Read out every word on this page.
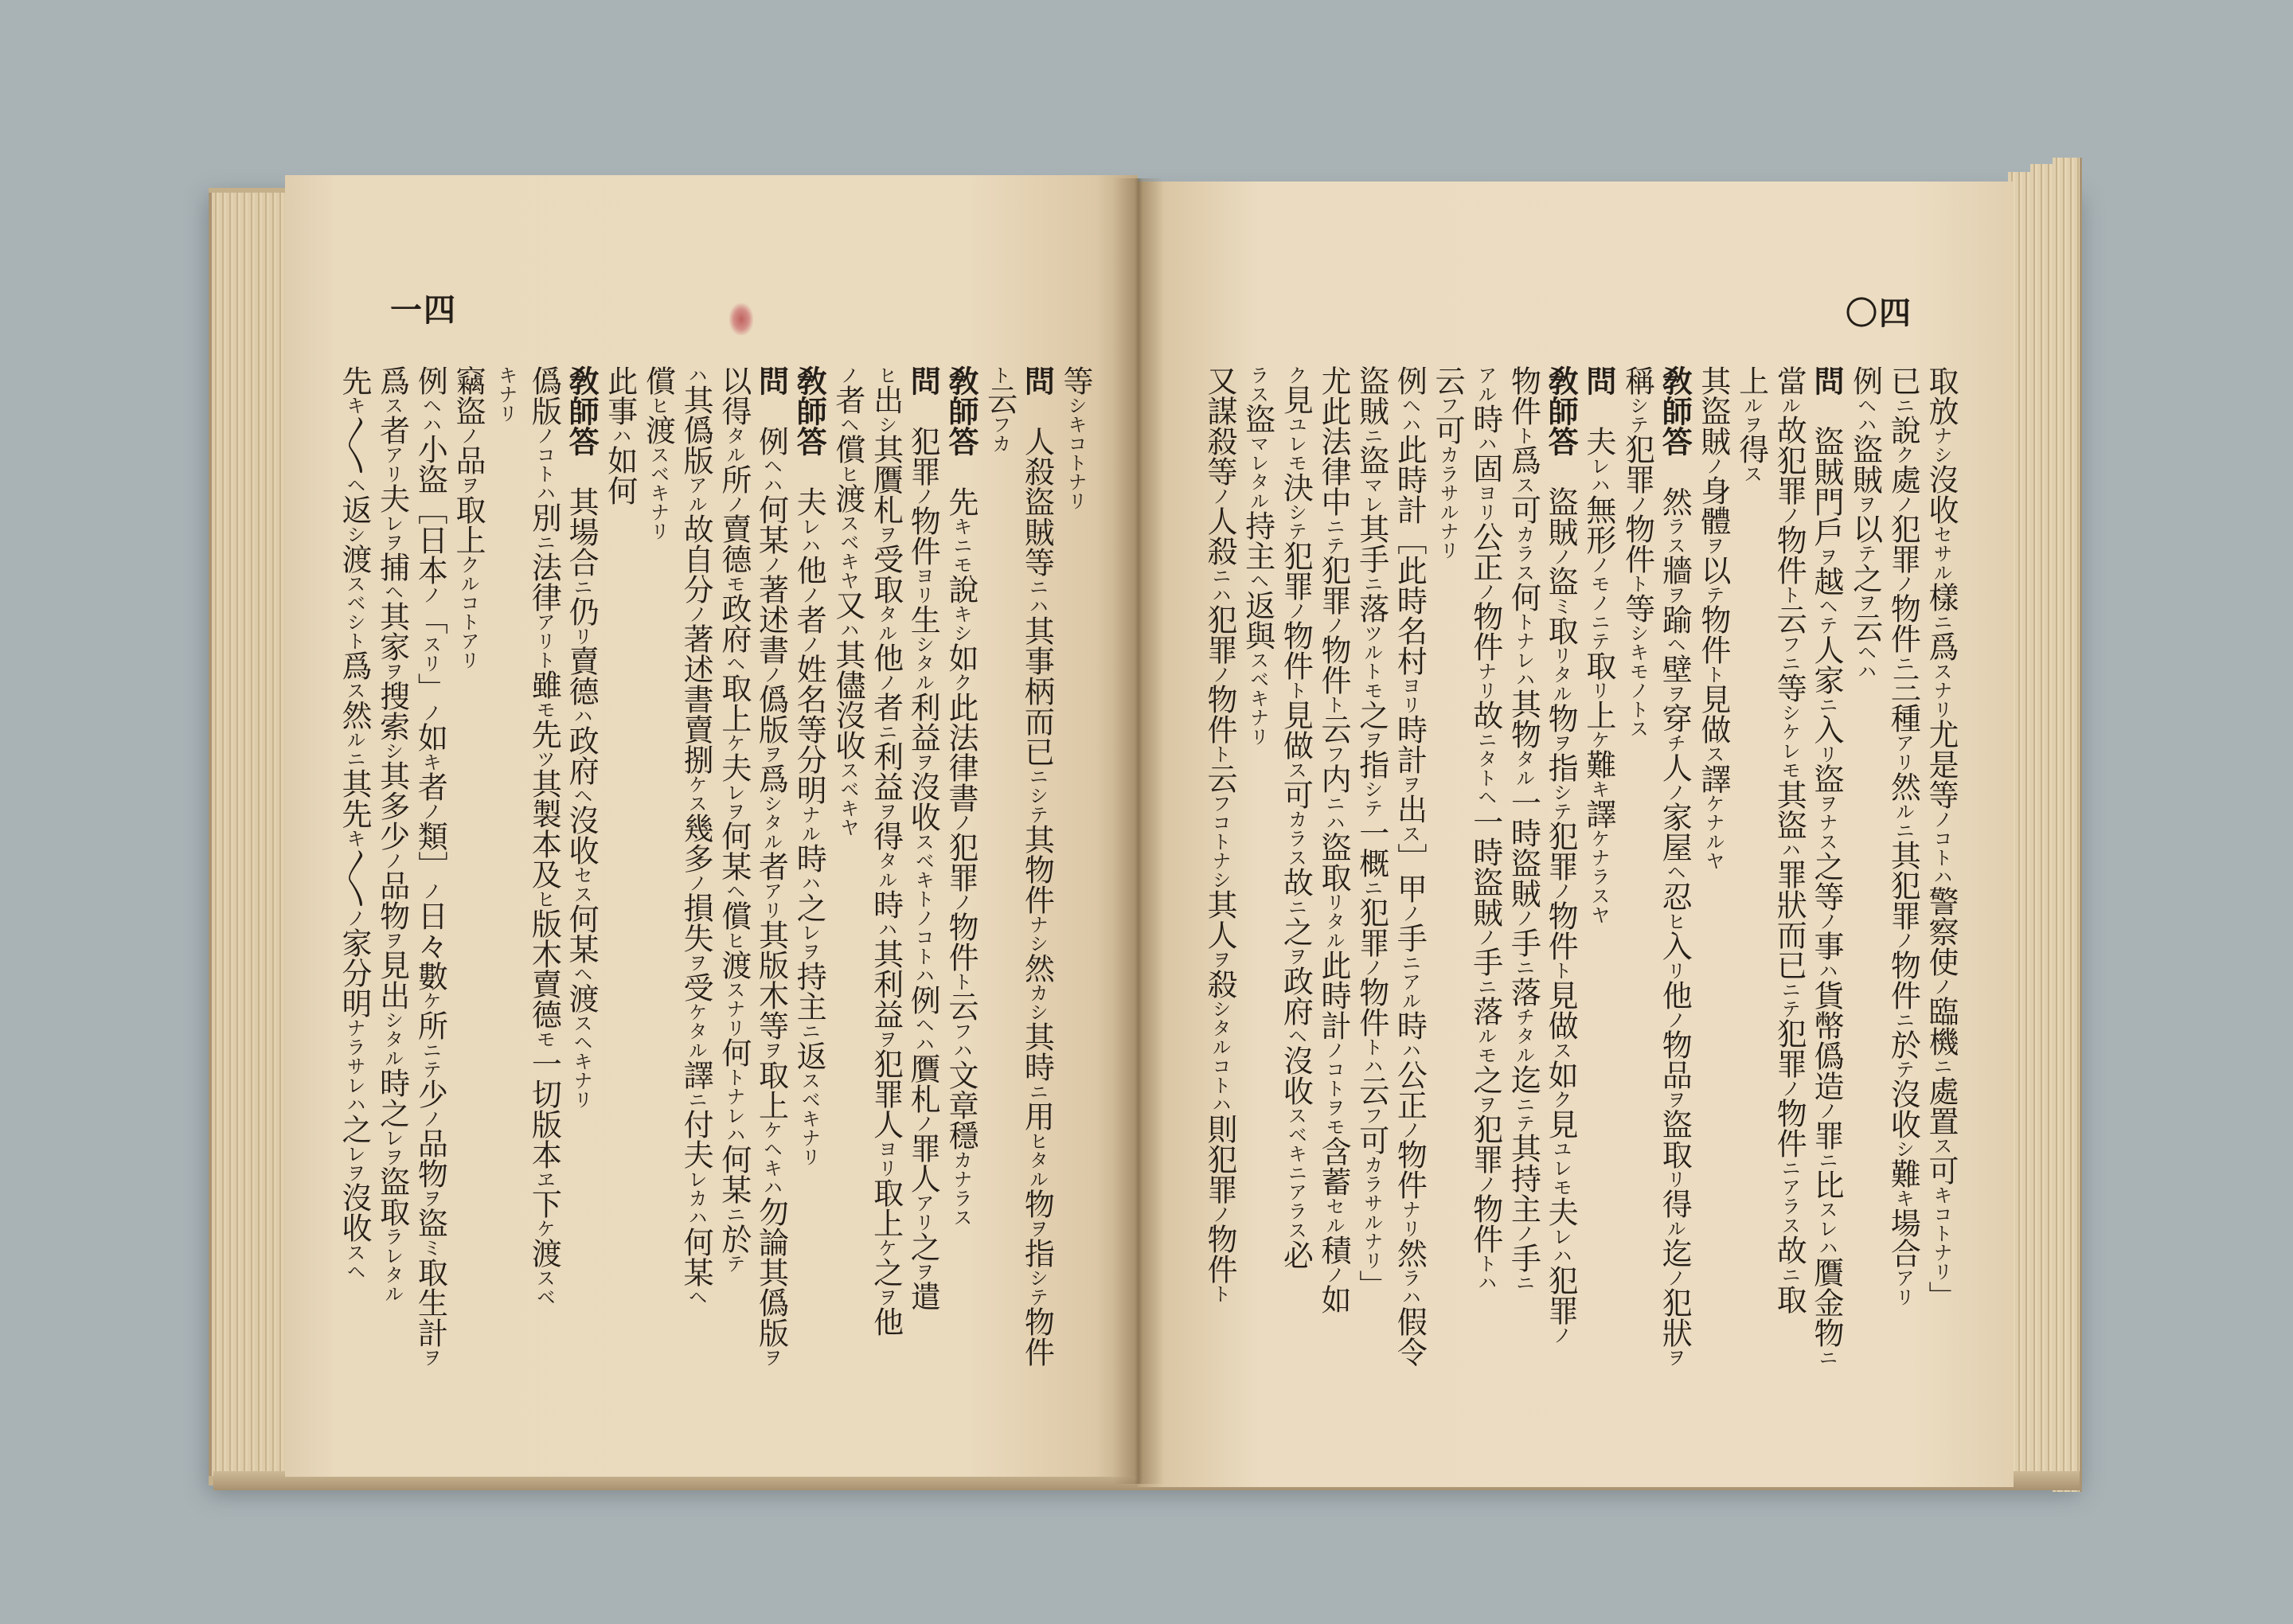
〇四
一四
取放ナシ沒收セサル樣ニ爲スナリ尤是等ノコトハ警察使ノ臨機ニ處置ス可キコトナリ」
已ニ說ク處ノ犯罪ノ物件ニ三種アリ然ルニ其犯罪ノ物件ニ於テ沒收シ難キ場合アリ
例ヘハ盜賊ヲ以テ之ヲ云ヘハ
問　盜賊門戶ヲ越ヘテ人家ニ入リ盜ヲナス之等ノ事ハ貨幣僞造ノ罪ニ比スレハ贋金物ニ
當ル故犯罪ノ物件ト云フニ等シケレモ其盜ハ罪狀而已ニテ犯罪ノ物件ニアラス故ニ取
上ルヲ得ス
其盜賊ノ身體ヲ以テ物件ト見做ス譯ケナルヤ
敎師答　然ラス牆ヲ踰ヘ壁ヲ穿チ人ノ家屋ヘ忍ヒ入リ他ノ物品ヲ盜取リ得ル迄ノ犯狀ヲ
稱シテ犯罪ノ物件ト等シキモノトス
問　夫レハ無形ノモノニテ取リ上ケ難キ譯ケナラスヤ
敎師答　盜賊ノ盜ミ取リタル物ヲ指シテ犯罪ノ物件ト見做ス如ク見ユレモ夫レハ犯罪ノ
物件ト爲ス可カラス何トナレハ其物タル一時盜賊ノ手ニ落チタル迄ニテ其持主ノ手ニ
アル時ハ固ヨリ公正ノ物件ナリ故ニタトヘ一時盜賊ノ手ニ落ルモ之ヲ犯罪ノ物件トハ
云フ可カラサルナリ
例ヘハ此時計［此時名村ヨリ時計ヲ出ス］甲ノ手ニアル時ハ公正ノ物件ナリ然ラハ假令
盜賊ニ盜マレ其手ニ落ツルトモ之ヲ指シテ一概ニ犯罪ノ物件トハ云フ可カラサルナリ」
尤此法律中ニテ犯罪ノ物件ト云フ内ニハ盜取リタル此時計ノコトヲモ含蓄セル積ノ如
ク見ユレモ決シテ犯罪ノ物件ト見做ス可カラス故ニ之ヲ政府ヘ沒收スベキニアラス必
ラス盜マレタル持主ヘ返與スベキナリ
又謀殺等ノ人殺ニハ犯罪ノ物件ト云フコトナシ其人ヲ殺シタルコトハ則犯罪ノ物件ト
等シキコトナリ
問　人殺盜賊等ニハ其事柄而已ニシテ其物件ナシ然カシ其時ニ用ヒタル物ヲ指シテ物件
ト云フカ
敎師答　先キニモ說キシ如ク此法律書ノ犯罪ノ物件ト云フハ文章穩カナラス
問　犯罪ノ物件ヨリ生シタル利益ヲ沒收スベキトノコトハ例ヘハ贋札ノ罪人アリ之ヲ遣
ヒ出シ其贋札ヲ受取タル他ノ者ニ利益ヲ得タル時ハ其利益ヲ犯罪人ヨリ取上ケ之ヲ他
ノ者ヘ償ヒ渡スベキヤ又ハ其儘沒收スベキヤ
敎師答　夫レハ他ノ者ノ姓名等分明ナル時ハ之レヲ持主ニ返スベキナリ
問　例ヘハ何某ノ著述書ノ僞版ヲ爲シタル者アリ其版木等ヲ取上ケヘキハ勿論其僞版ヲ
以得タル所ノ賣德モ政府ヘ取上ケ夫レヲ何某ヘ償ヒ渡スナリ何トナレハ何某ニ於テ
ハ其僞版アル故自分ノ著述書賣捌ケス幾多ノ損失ヲ受ケタル譯ニ付夫レカハ何某ヘ
償ヒ渡スベキナリ
此事ハ如何
敎師答　其場合ニ仍リ賣德ハ政府ヘ沒收セス何某ヘ渡スヘキナリ
僞版ノコトハ別ニ法律アリト雖モ先ツ其製本及ヒ版木賣德モ一切版本ヱ下ケ渡スベ
キナリ
竊盜ノ品ヲ取上クルコトアリ
例ヘハ小盜［日本ノ「スリ」ノ如キ者ノ類］ノ日々數ケ所ニテ少ノ品物ヲ盜ミ取生計ヲ
爲ス者アリ夫レヲ捕ヘ其家ヲ搜索シ其多少ノ品物ヲ見出シタル時之レヲ盜取ラレタル
先キ〳〵ヘ返シ渡スベシト爲ス然ルニ其先キ〳〵ノ家分明ナラサレハ之レヲ沒收スヘ
